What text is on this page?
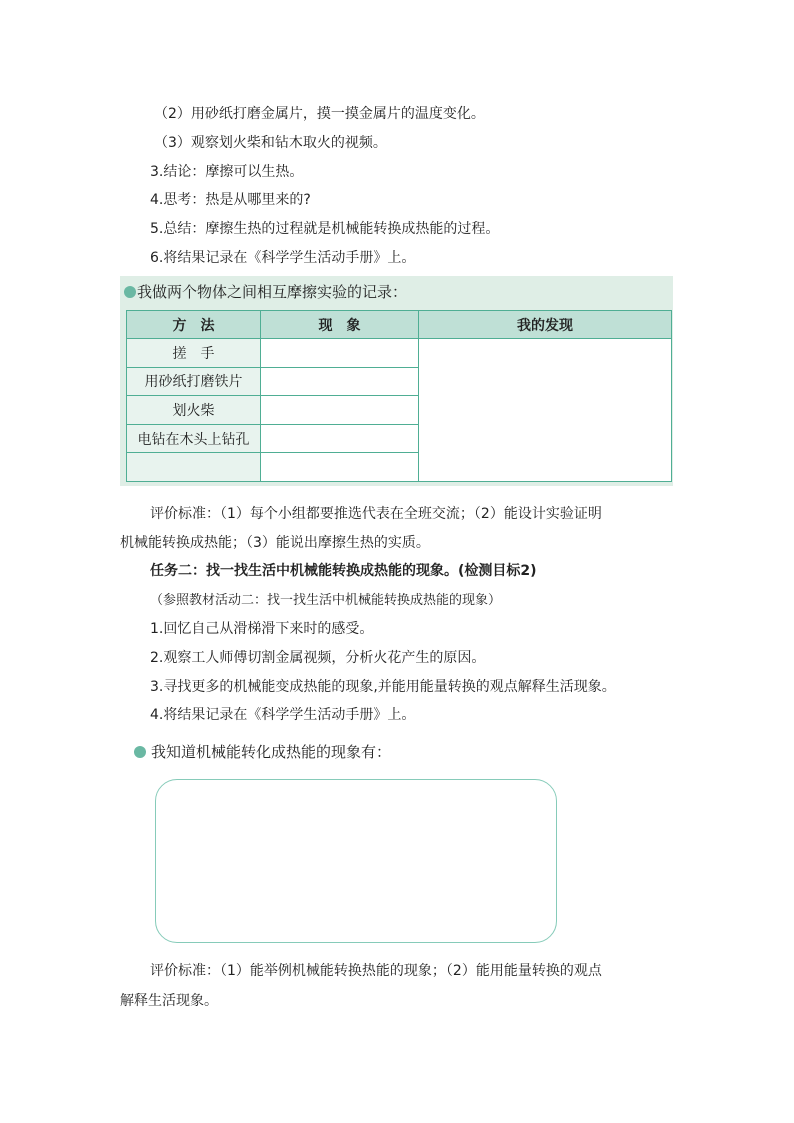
（2）用砂纸打磨金属片，摸一摸金属片的温度变化。
（3）观察划火柴和钻木取火的视频。
3.结论：摩擦可以生热。
4.思考：热是从哪里来的?
5.总结：摩擦生热的过程就是机械能转换成热能的过程。
6.将结果记录在《科学学生活动手册》上。
我做两个物体之间相互摩擦实验的记录：
方　法	现　象	我的发现
搓　手		
用砂纸打磨铁片		
划火柴		
电钻在木头上钻孔		

评价标准：（1）每个小组都要推选代表在全班交流；（2）能设计实验证明
机械能转换成热能；（3）能说出摩擦生热的实质。
任务二：找一找生活中机械能转换成热能的现象。(检测目标2)
（参照教材活动二：找一找生活中机械能转换成热能的现象）
1.回忆自己从滑梯滑下来时的感受。
2.观察工人师傅切割金属视频，分析火花产生的原因。
3.寻找更多的机械能变成热能的现象,并能用能量转换的观点解释生活现象。
4.将结果记录在《科学学生活动手册》上。
我知道机械能转化成热能的现象有：
评价标准：（1）能举例机械能转换热能的现象；（2）能用能量转换的观点
解释生活现象。
